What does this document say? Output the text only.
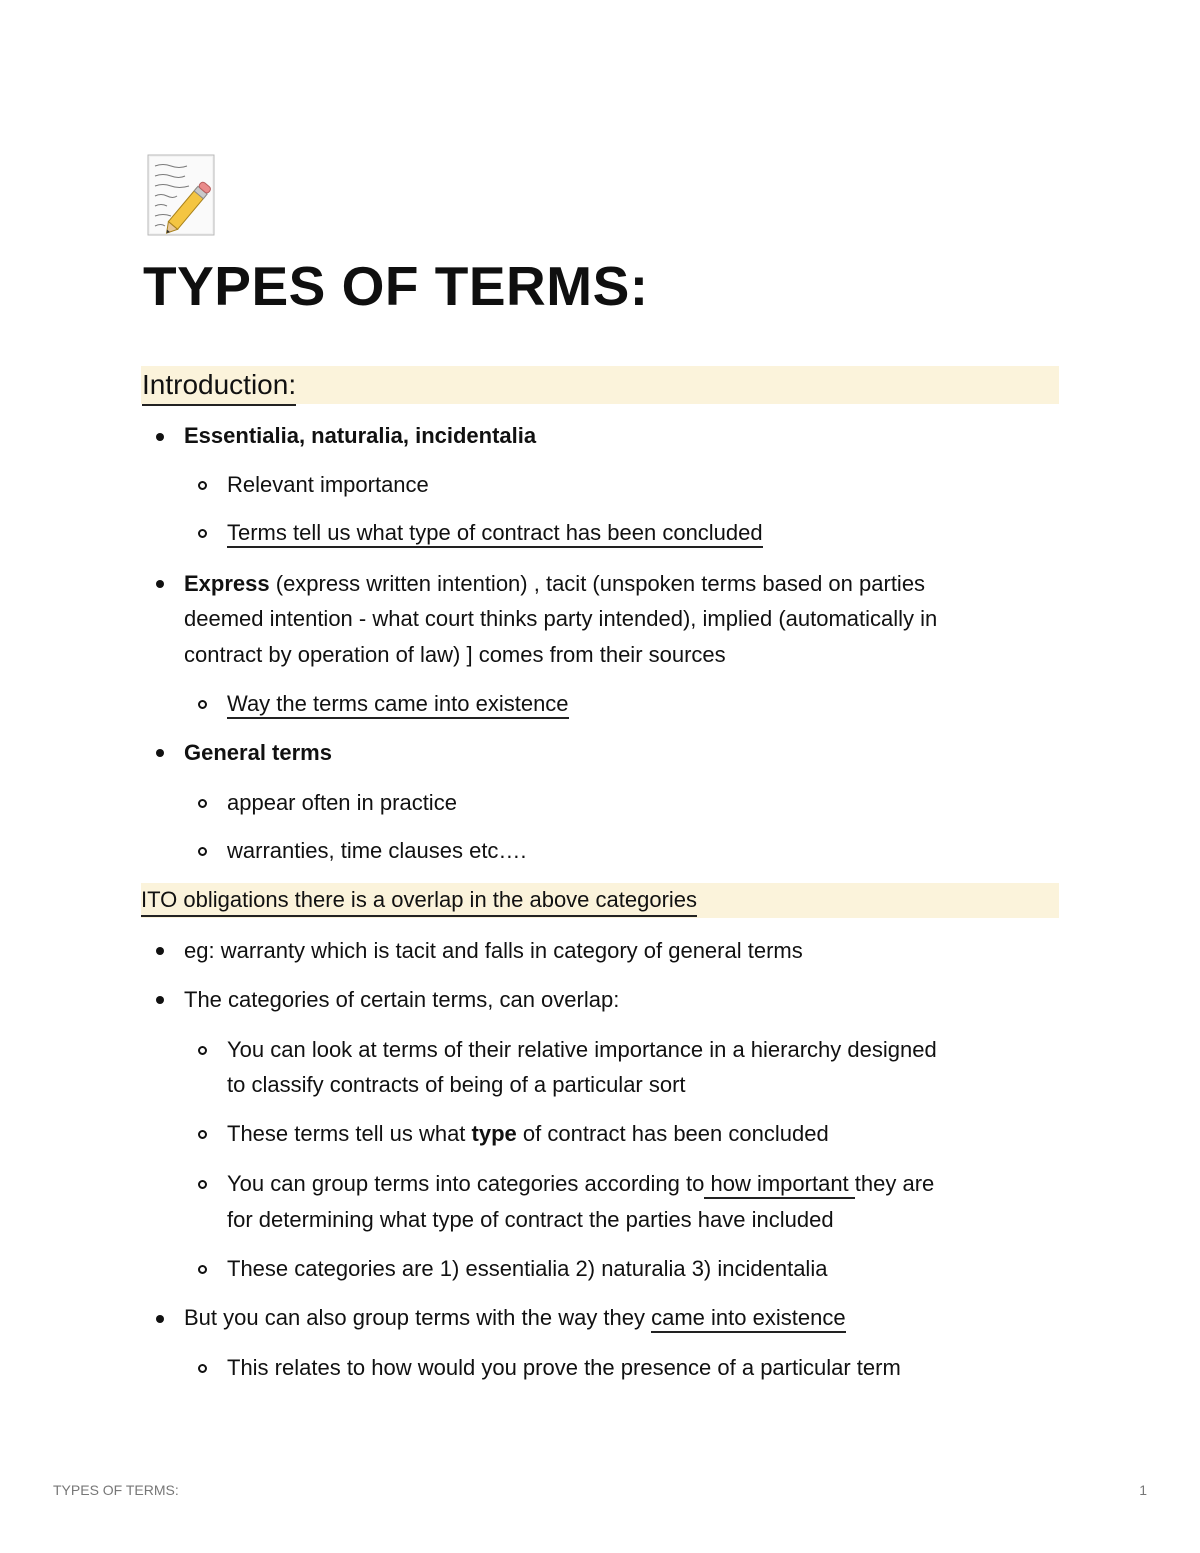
TYPES OF TERMS:
Introduction:
Essentialia, naturalia, incidentalia
Relevant importance
Terms tell us what type of contract has been concluded
Express (express written intention) , tacit (unspoken terms based on parties
deemed intention - what court thinks party intended), implied (automatically in
contract by operation of law) ] comes from their sources
Way the terms came into existence
General terms
appear often in practice
warranties, time clauses etc….
ITO obligations there is a overlap in the above categories
eg: warranty which is tacit and falls in category of general terms
The categories of certain terms, can overlap:
You can look at terms of their relative importance in a hierarchy designed
to classify contracts of being of a particular sort
These terms tell us what type of contract has been concluded
You can group terms into categories according to how important they are
for determining what type of contract the parties have included
These categories are 1) essentialia 2) naturalia 3) incidentalia
But you can also group terms with the way they came into existence
This relates to how would you prove the presence of a particular term
TYPES OF TERMS:	1
